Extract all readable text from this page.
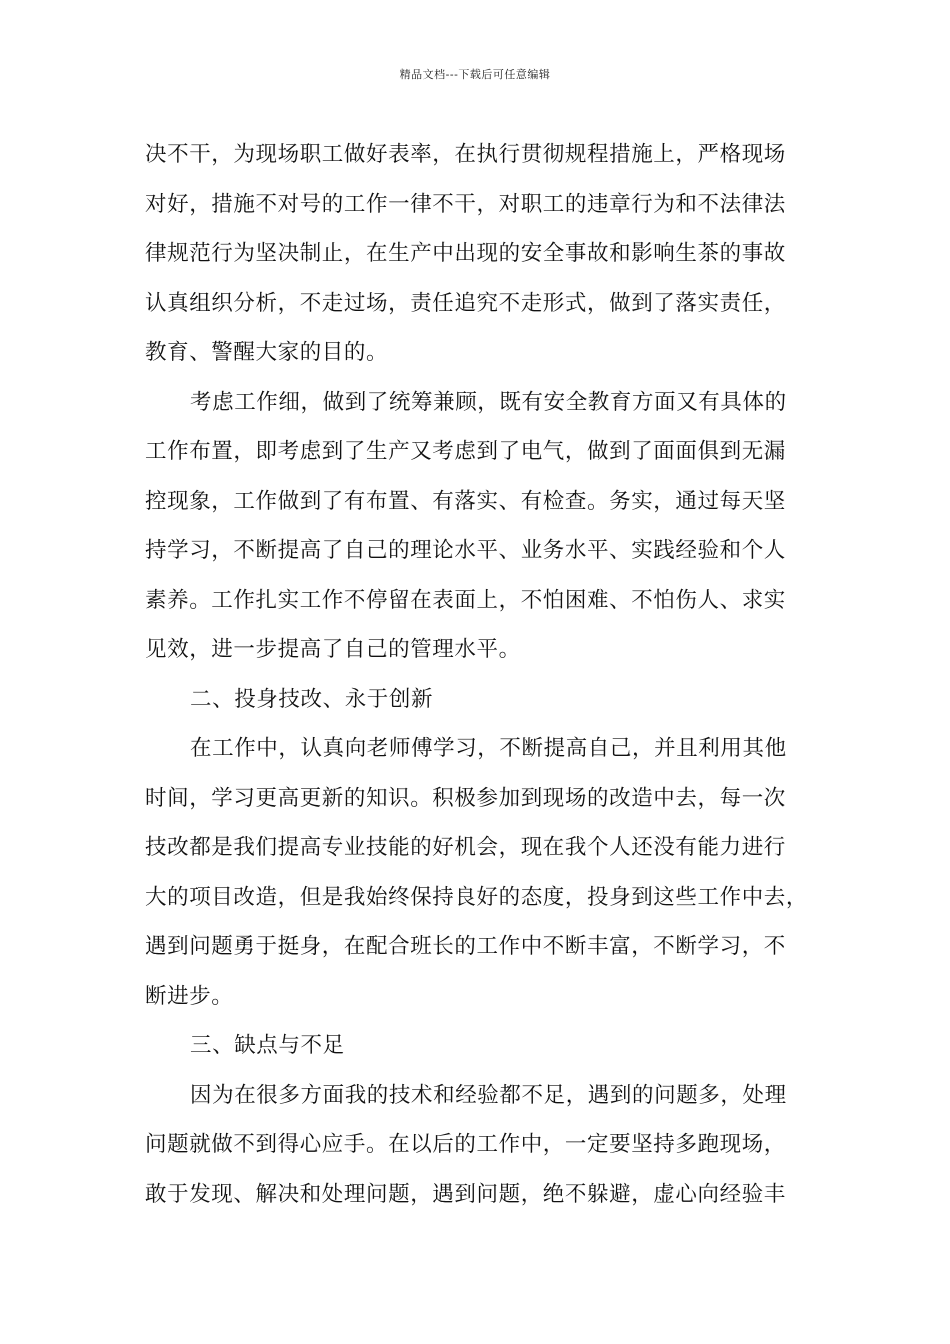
精品文档---下载后可任意编辑
决不干，为现场职工做好表率，在执行贯彻规程措施上，严格现场
对好，措施不对号的工作一律不干，对职工的违章行为和不法律法
律规范行为坚决制止，在生产中出现的安全事故和影响生茶的事故
认真组织分析，不走过场，责任追究不走形式，做到了落实责任，
教育、警醒大家的目的。
考虑工作细，做到了统筹兼顾，既有安全教育方面又有具体的
工作布置，即考虑到了生产又考虑到了电气，做到了面面俱到无漏
控现象，工作做到了有布置、有落实、有检查。务实，通过每天坚
持学习，不断提高了自己的理论水平、业务水平、实践经验和个人
素养。工作扎实工作不停留在表面上，不怕困难、不怕伤人、求实
见效，进一步提高了自己的管理水平。
二、投身技改、永于创新
在工作中，认真向老师傅学习，不断提高自己，并且利用其他
时间，学习更高更新的知识。积极参加到现场的改造中去，每一次
技改都是我们提高专业技能的好机会，现在我个人还没有能力进行
大的项目改造，但是我始终保持良好的态度，投身到这些工作中去，
遇到问题勇于挺身，在配合班长的工作中不断丰富，不断学习，不
断进步。
三、缺点与不足
因为在很多方面我的技术和经验都不足，遇到的问题多，处理
问题就做不到得心应手。在以后的工作中，一定要坚持多跑现场，
敢于发现、解决和处理问题，遇到问题，绝不躲避，虚心向经验丰
